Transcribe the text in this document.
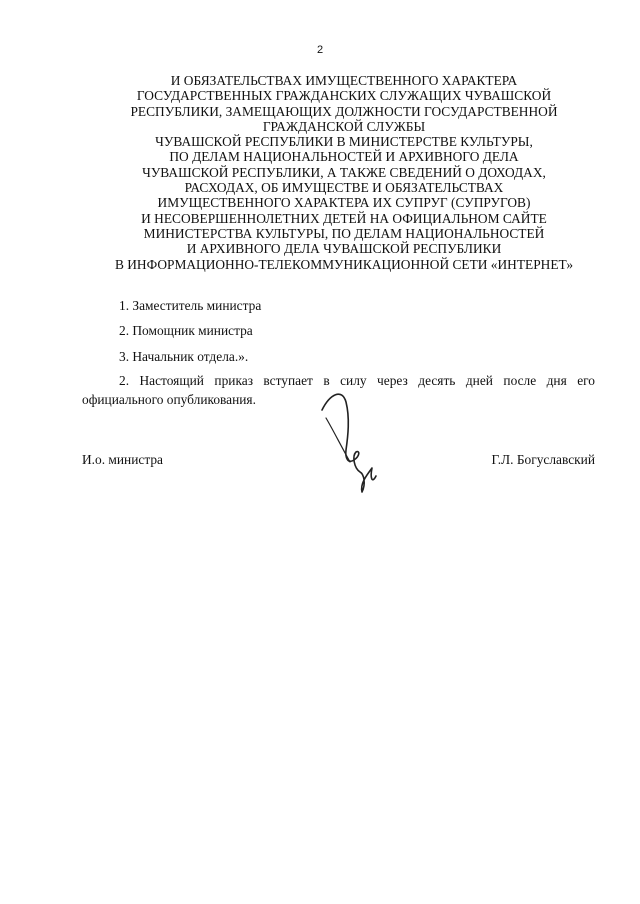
2
И ОБЯЗАТЕЛЬСТВАХ ИМУЩЕСТВЕННОГО ХАРАКТЕРА
ГОСУДАРСТВЕННЫХ ГРАЖДАНСКИХ СЛУЖАЩИХ ЧУВАШСКОЙ
РЕСПУБЛИКИ, ЗАМЕЩАЮЩИХ ДОЛЖНОСТИ ГОСУДАРСТВЕННОЙ
ГРАЖДАНСКОЙ СЛУЖБЫ
ЧУВАШСКОЙ РЕСПУБЛИКИ В МИНИСТЕРСТВЕ КУЛЬТУРЫ,
ПО ДЕЛАМ НАЦИОНАЛЬНОСТЕЙ И АРХИВНОГО ДЕЛА
ЧУВАШСКОЙ РЕСПУБЛИКИ, А ТАКЖЕ СВЕДЕНИЙ О ДОХОДАХ,
РАСХОДАХ, ОБ ИМУЩЕСТВЕ И ОБЯЗАТЕЛЬСТВАХ
ИМУЩЕСТВЕННОГО ХАРАКТЕРА ИХ СУПРУГ (СУПРУГОВ)
И НЕСОВЕРШЕННОЛЕТНИХ ДЕТЕЙ НА ОФИЦИАЛЬНОМ САЙТЕ
МИНИСТЕРСТВА КУЛЬТУРЫ, ПО ДЕЛАМ НАЦИОНАЛЬНОСТЕЙ
И АРХИВНОГО ДЕЛА ЧУВАШСКОЙ РЕСПУБЛИКИ
В ИНФОРМАЦИОННО-ТЕЛЕКОММУНИКАЦИОННОЙ СЕТИ «ИНТЕРНЕТ»
1. Заместитель министра
2. Помощник министра
3. Начальник отдела.».
2. Настоящий приказ вступает в силу через десять дней после дня его
официального опубликования.
И.о. министра	Г.Л. Богуславский
